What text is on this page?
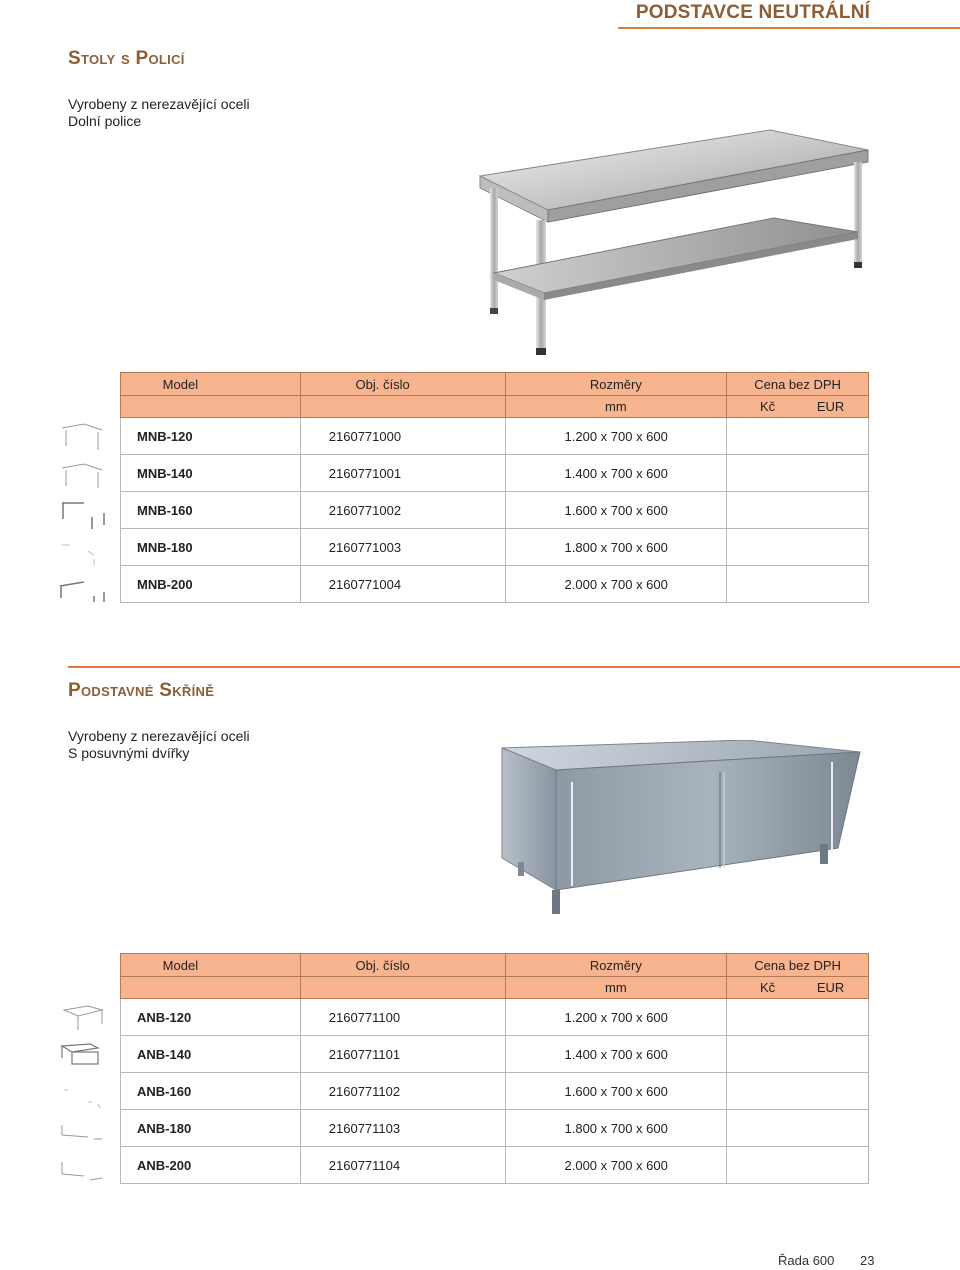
PODSTAVCE NEUTRÁLNÍ
Stoly s Policí
Vyrobeny z nerezavějící oceli
Dolní police
Model	Obj. číslo	Rozměry	Cena bez DPH
		mm	Kč EUR
MNB-120	2160771000	1.200 x 700 x 600	
MNB-140	2160771001	1.400 x 700 x 600	
MNB-160	2160771002	1.600 x 700 x 600	
MNB-180	2160771003	1.800 x 700 x 600	
MNB-200	2160771004	2.000 x 700 x 600	
Podstavné Skříně
Vyrobeny z nerezavějící oceli
S posuvnými dvířky
Model	Obj. číslo	Rozměry	Cena bez DPH
		mm	Kč EUR
ANB-120	2160771100	1.200 x 700 x 600	
ANB-140	2160771101	1.400 x 700 x 600	
ANB-160	2160771102	1.600 x 700 x 600	
ANB-180	2160771103	1.800 x 700 x 600	
ANB-200	2160771104	2.000 x 700 x 600	
Řada 600 23
